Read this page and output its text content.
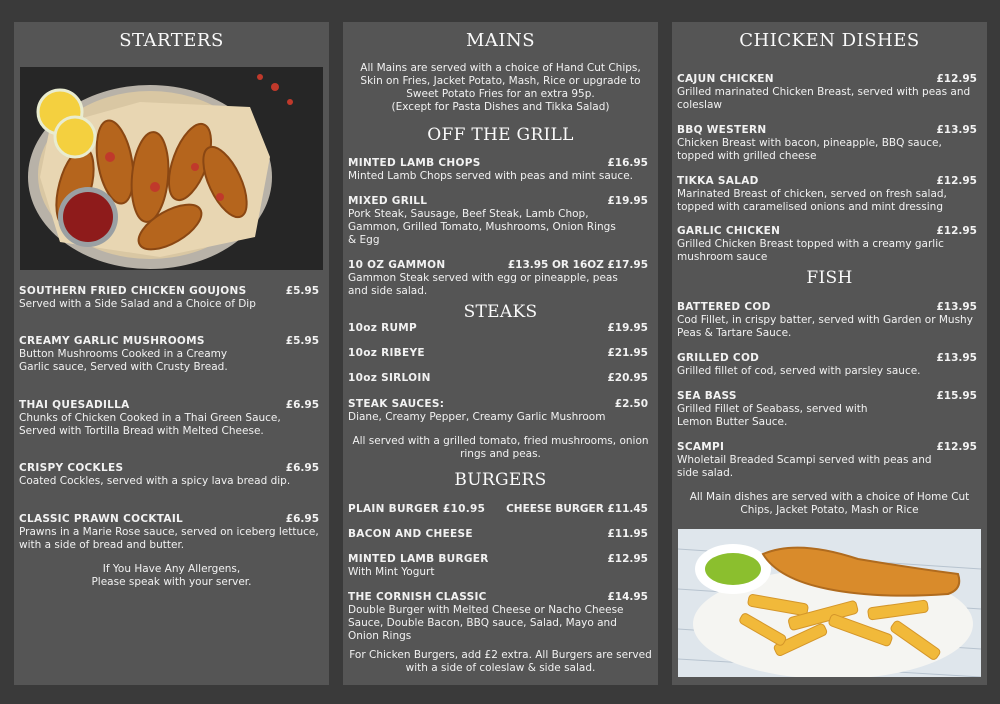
STARTERS
SOUTHERN FRIED CHICKEN GOUJONS	£5.95
Served with a Side Salad and a Choice of Dip
CREAMY GARLIC MUSHROOMS	£5.95
Button Mushrooms Cooked in a Creamy Garlic sauce, Served with Crusty Bread.
THAI QUESADILLA	£6.95
Chunks of Chicken Cooked in a Thai Green Sauce, Served with Tortilla Bread with Melted Cheese.
CRISPY COCKLES	£6.95
Coated Cockles, served with a spicy lava bread dip.
CLASSIC PRAWN COCKTAIL	£6.95
Prawns in a Marie Rose sauce, served on iceberg lettuce, with a side of bread and butter.
If You Have Any Allergens,
Please speak with your server.
MAINS
All Mains are served with a choice of Hand Cut Chips, Skin on Fries, Jacket Potato, Mash, Rice or upgrade to Sweet Potato Fries for an extra 95p.
(Except for Pasta Dishes and Tikka Salad)
OFF THE GRILL
MINTED LAMB CHOPS	£16.95
Minted Lamb Chops served with peas and mint sauce.
MIXED GRILL	£19.95
Pork Steak, Sausage, Beef Steak, Lamb Chop, Gammon, Grilled Tomato, Mushrooms, Onion Rings & Egg
10 OZ GAMMON	£13.95 OR 16OZ £17.95
Gammon Steak served with egg or pineapple, peas and side salad.
STEAKS
10oz RUMP	£19.95
10oz RIBEYE	£21.95
10oz SIRLOIN	£20.95
STEAK SAUCES:	£2.50
Diane, Creamy Pepper, Creamy Garlic Mushroom
All served with a grilled tomato, fried mushrooms, onion rings and peas.
BURGERS
PLAIN BURGER £10.95 CHEESE BURGER £11.45
BACON AND CHEESE	£11.95
MINTED LAMB BURGER	£12.95
With Mint Yogurt
THE CORNISH CLASSIC	£14.95
Double Burger with Melted Cheese or Nacho Cheese Sauce, Double Bacon, BBQ sauce, Salad, Mayo and Onion Rings
For Chicken Burgers, add £2 extra. All Burgers are served with a side of coleslaw & side salad.
CHICKEN DISHES
CAJUN CHICKEN	£12.95
Grilled marinated Chicken Breast, served with peas and coleslaw
BBQ WESTERN	£13.95
Chicken Breast with bacon, pineapple, BBQ sauce, topped with grilled cheese
TIKKA SALAD	£12.95
Marinated Breast of chicken, served on fresh salad, topped with caramelised onions and mint dressing
GARLIC CHICKEN	£12.95
Grilled Chicken Breast topped with a creamy garlic mushroom sauce
FISH
BATTERED COD	£13.95
Cod Fillet, in crispy batter, served with Garden or Mushy Peas & Tartare Sauce.
GRILLED COD	£13.95
Grilled fillet of cod, served with parsley sauce.
SEA BASS	£15.95
Grilled Fillet of Seabass, served with Lemon Butter Sauce.
SCAMPI	£12.95
Wholetail Breaded Scampi served with peas and side salad.
All Main dishes are served with a choice of Home Cut Chips, Jacket Potato, Mash or Rice
